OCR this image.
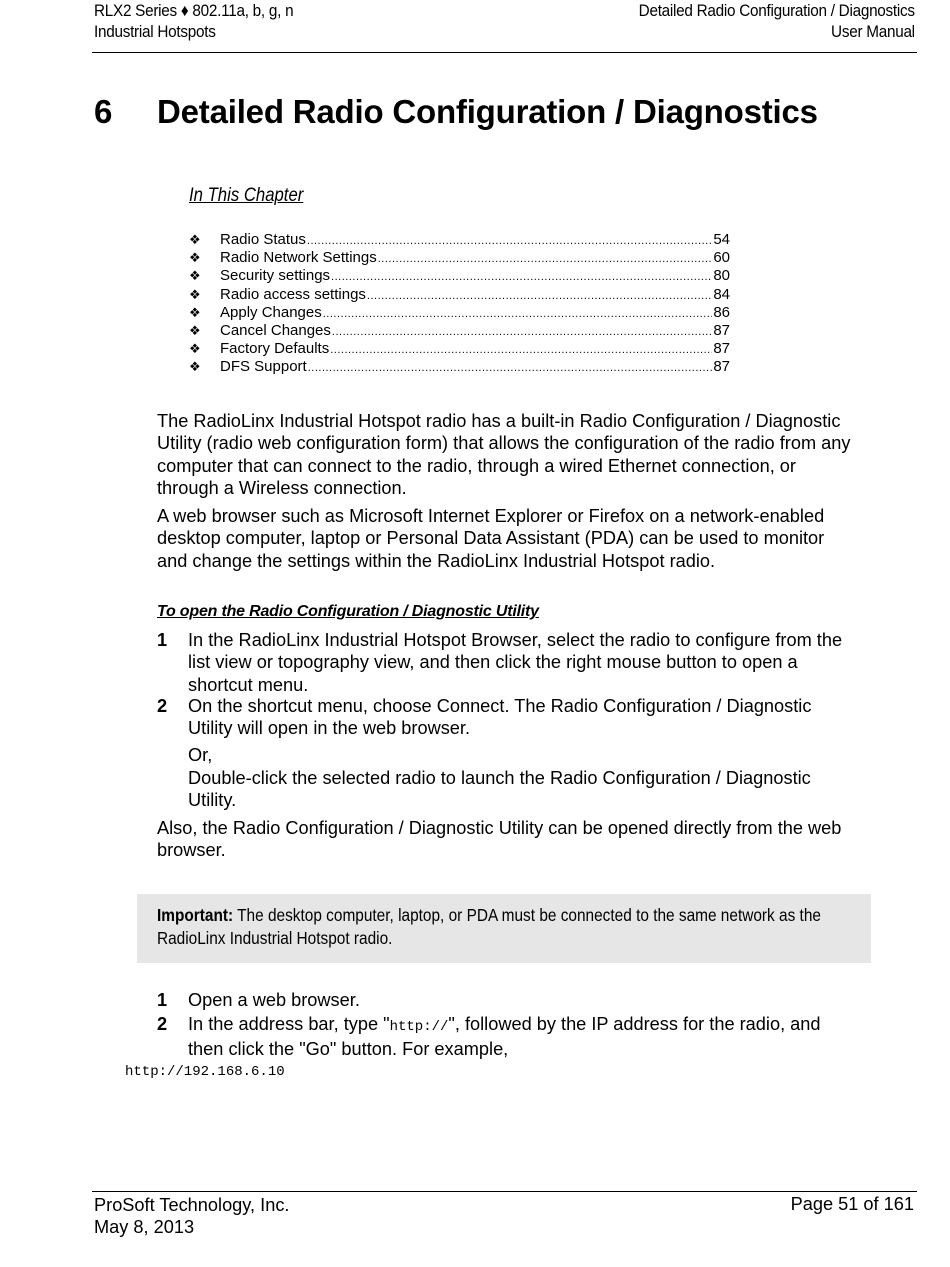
RLX2 Series ♦ 802.11a, b, g, n
Industrial Hotspots
Detailed Radio Configuration / Diagnostics
User Manual
6 Detailed Radio Configuration / Diagnostics
In This Chapter
❖	Radio Status .....	54
❖	Radio Network Settings .....	60
❖	Security settings .....	80
❖	Radio access settings .....	84
❖	Apply Changes .....	86
❖	Cancel Changes .....	87
❖	Factory Defaults .....	87
❖	DFS Support .....	87
The RadioLinx Industrial Hotspot radio has a built-in Radio Configuration / Diagnostic Utility (radio web configuration form) that allows the configuration of the radio from any computer that can connect to the radio, through a wired Ethernet connection, or through a Wireless connection.
A web browser such as Microsoft Internet Explorer or Firefox on a network-enabled desktop computer, laptop or Personal Data Assistant (PDA) can be used to monitor and change the settings within the RadioLinx Industrial Hotspot radio.
To open the Radio Configuration / Diagnostic Utility
1 In the RadioLinx Industrial Hotspot Browser, select the radio to configure from the list view or topography view, and then click the right mouse button to open a shortcut menu.
2 On the shortcut menu, choose Connect. The Radio Configuration / Diagnostic Utility will open in the web browser.
Or,
Double-click the selected radio to launch the Radio Configuration / Diagnostic Utility.
Also, the Radio Configuration / Diagnostic Utility can be opened directly from the web browser.
Important: The desktop computer, laptop, or PDA must be connected to the same network as the RadioLinx Industrial Hotspot radio.
1 Open a web browser.
2 In the address bar, type "http://", followed by the IP address for the radio, and then click the "Go" button. For example,
http://192.168.6.10
ProSoft Technology, Inc.
May 8, 2013
Page 51 of 161
